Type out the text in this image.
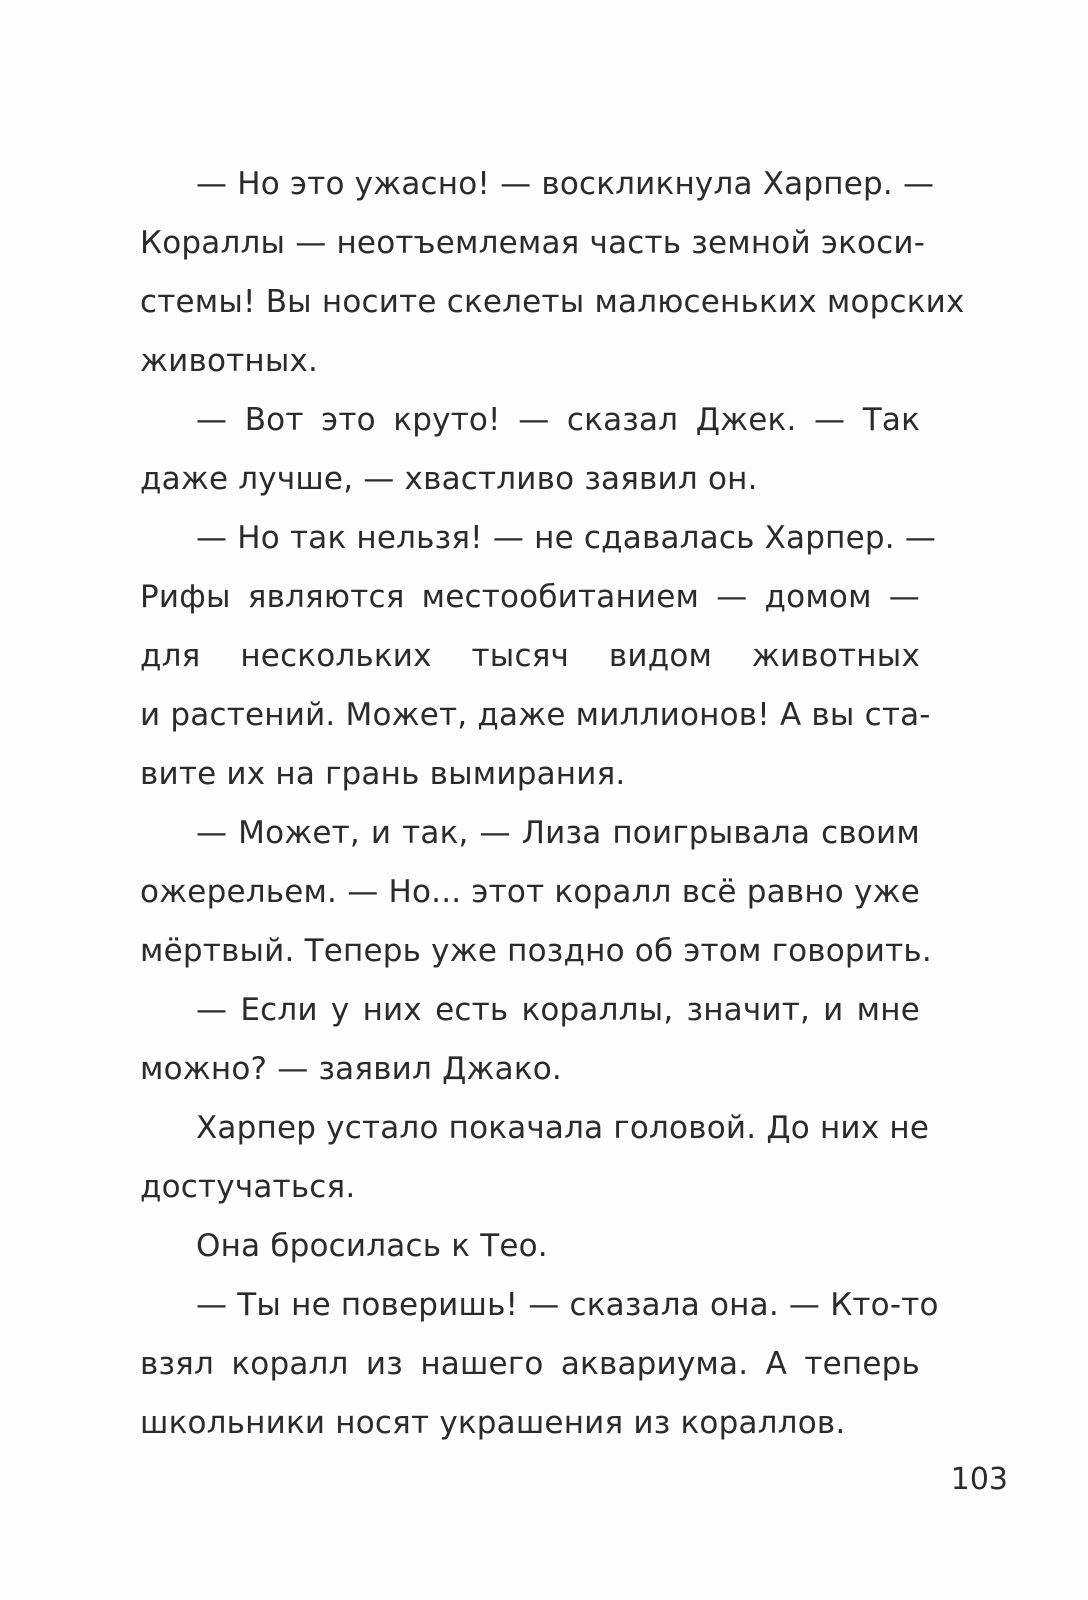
— Но это ужасно! — воскликнула Харпер. —
Кораллы — неотъемлемая часть земной экоси-
стемы! Вы носите скелеты малюсеньких морских
животных.
— Вот это круто! — сказал Джек. — Так
даже лучше, — хвастливо заявил он.
— Но так нельзя! — не сдавалась Харпер. —
Рифы являются местообитанием — домом —
для нескольких тысяч видом животных
и растений. Может, даже миллионов! А вы ста-
вите их на грань вымирания.
— Может, и так, — Лиза поигрывала своим
ожерельем. — Но... этот коралл всё равно уже
мёртвый. Теперь уже поздно об этом говорить.
— Если у них есть кораллы, значит, и мне
можно? — заявил Джако.
Харпер устало покачала головой. До них не
достучаться.
Она бросилась к Тео.
— Ты не поверишь! — сказала она. — Кто-то
взял коралл из нашего аквариума. А теперь
школьники носят украшения из кораллов.
103
